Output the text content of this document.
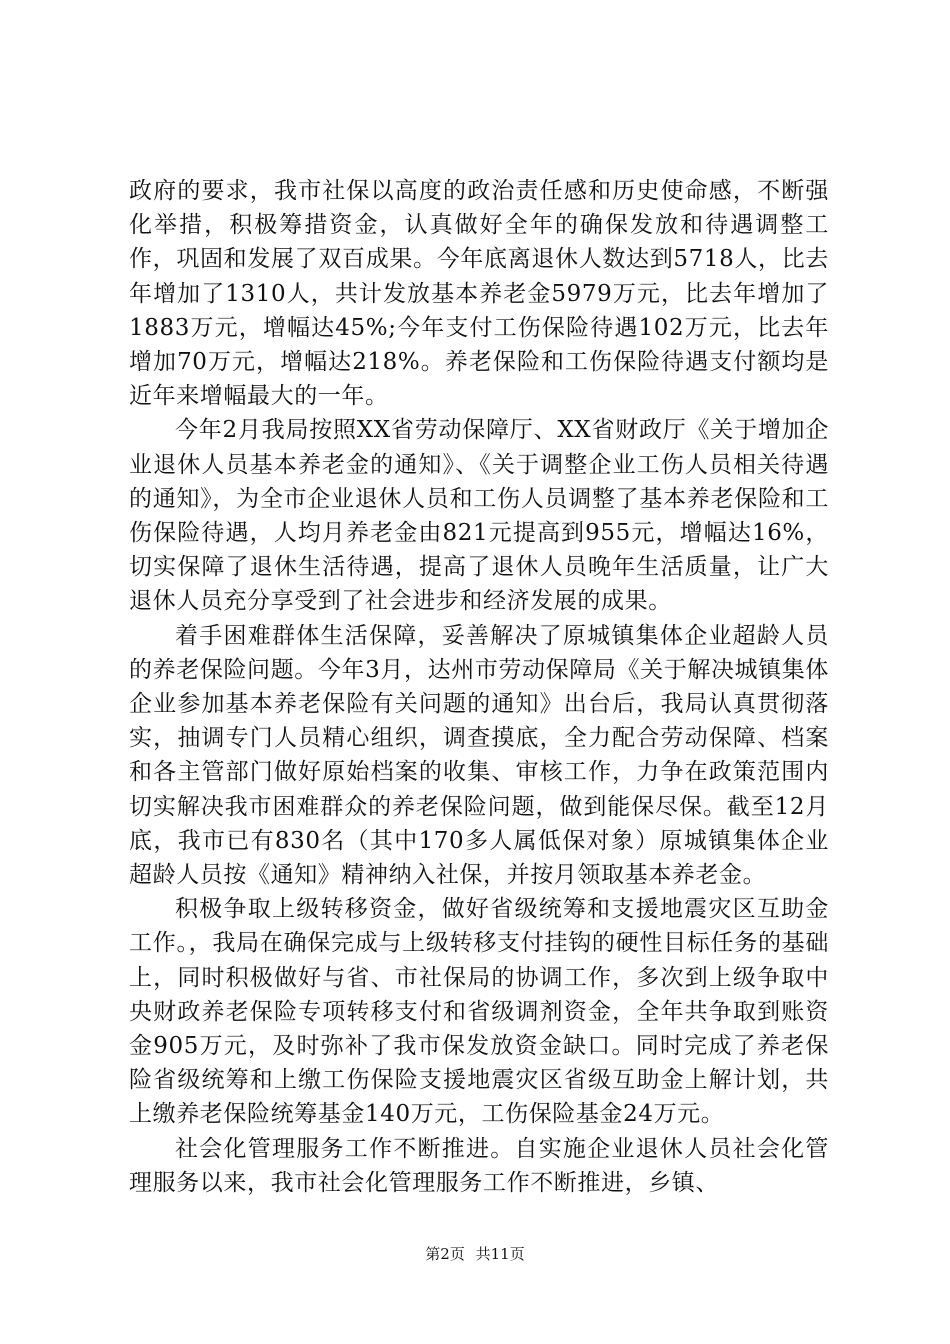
政府的要求，我市社保以高度的政治责任感和历史使命感，不断强化举措，积极筹措资金，认真做好全年的确保发放和待遇调整工作，巩固和发展了双百成果。今年底离退休人数达到5718人，比去年增加了1310人，共计发放基本养老金5979万元，比去年增加了1883万元，增幅达45%;今年支付工伤保险待遇102万元，比去年增加70万元，增幅达218%。养老保险和工伤保险待遇支付额均是近年来增幅最大的一年。

今年2月我局按照XX省劳动保障厅、XX省财政厅《关于增加企业退休人员基本养老金的通知》、《关于调整企业工伤人员相关待遇的通知》，为全市企业退休人员和工伤人员调整了基本养老保险和工伤保险待遇，人均月养老金由821元提高到955元，增幅达16%，切实保障了退休生活待遇，提高了退休人员晚年生活质量，让广大退休人员充分享受到了社会进步和经济发展的成果。

着手困难群体生活保障，妥善解决了原城镇集体企业超龄人员的养老保险问题。今年3月，达州市劳动保障局《关于解决城镇集体企业参加基本养老保险有关问题的通知》出台后，我局认真贯彻落实，抽调专门人员精心组织，调查摸底，全力配合劳动保障、档案和各主管部门做好原始档案的收集、审核工作，力争在政策范围内切实解决我市困难群众的养老保险问题，做到能保尽保。截至12月底，我市已有830名（其中170多人属低保对象）原城镇集体企业超龄人员按《通知》精神纳入社保，并按月领取基本养老金。

积极争取上级转移资金，做好省级统筹和支援地震灾区互助金工作。，我局在确保完成与上级转移支付挂钩的硬性目标任务的基础上，同时积极做好与省、市社保局的协调工作，多次到上级争取中央财政养老保险专项转移支付和省级调剂资金，全年共争取到账资金905万元，及时弥补了我市保发放资金缺口。同时完成了养老保险省级统筹和上缴工伤保险支援地震灾区省级互助金上解计划，共上缴养老保险统筹基金140万元，工伤保险基金24万元。

社会化管理服务工作不断推进。自实施企业退休人员社会化管理服务以来，我市社会化管理服务工作不断推进，乡镇、

第2页 共11页
